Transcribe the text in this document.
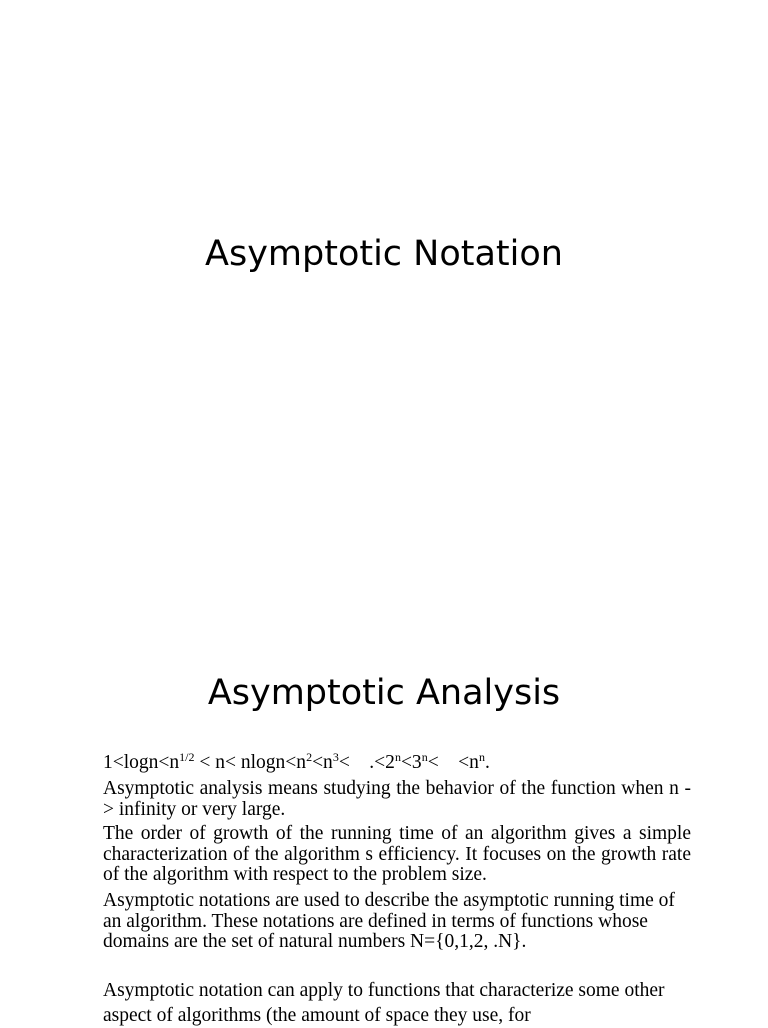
Asymptotic Notation
Asymptotic Analysis
$1<\log n<n^{1/2} < n< nlogn<n^2<n^3<$    $.<2^n<3^n<$    $<n^n$.

Asymptotic analysis means studying the behavior of the function when n -> infinity or very large.

The order of growth of the running time of an algorithm gives a simple characterization of the algorithm s efficiency. It focuses on the growth rate of the algorithm with respect to the problem size.

Asymptotic notations are used to describe the asymptotic running time of an algorithm. These notations are defined in terms of functions whose domains are the set of natural numbers N={0,1,2, .N}.

Asymptotic notation can apply to functions that characterize some other aspect of algorithms (the amount of space they use, for
